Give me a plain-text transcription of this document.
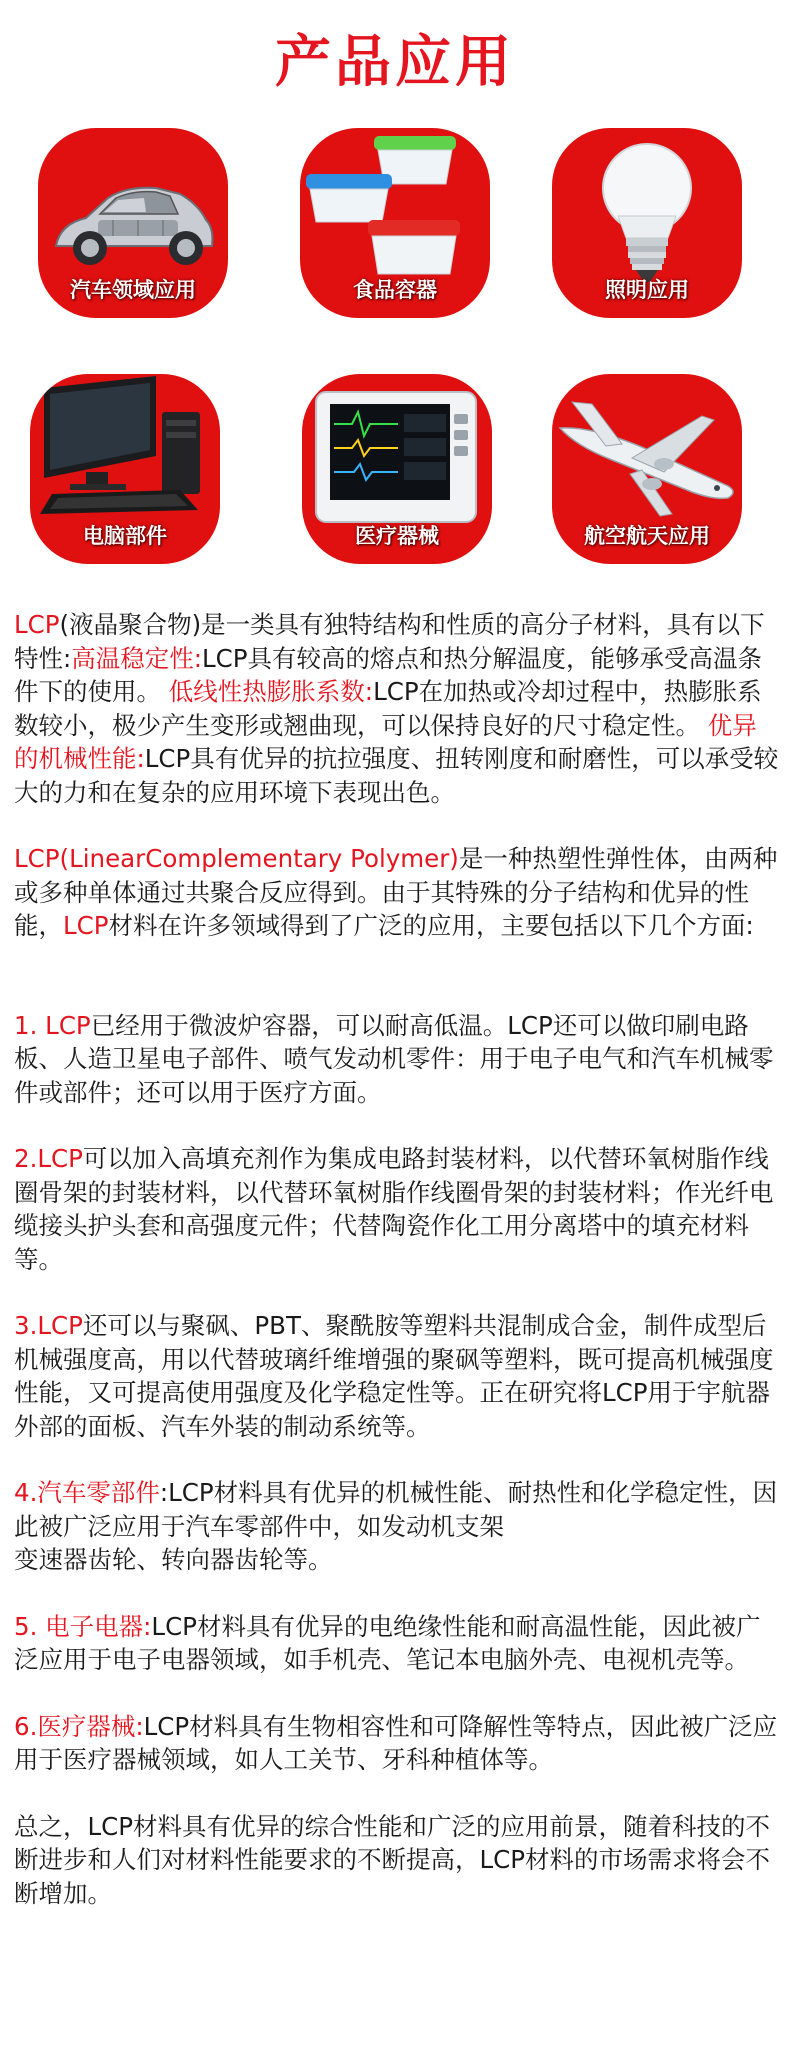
产品应用
汽车领域应用	食品容器	照明应用
电脑部件	医疗器械	航空航天应用

LCP(液晶聚合物)是一类具有独特结构和性质的高分子材料，具有以下特性:高温稳定性:LCP具有较高的熔点和热分解温度，能够承受高温条件下的使用。 低线性热膨胀系数:LCP在加热或冷却过程中，热膨胀系数较小，极少产生变形或翘曲现，可以保持良好的尺寸稳定性。 优异的机械性能:LCP具有优异的抗拉强度、扭转刚度和耐磨性，可以承受较大的力和在复杂的应用环境下表现出色。

LCP(LinearComplementary Polymer)是一种热塑性弹性体，由两种或多种单体通过共聚合反应得到。由于其特殊的分子结构和优异的性能，LCP材料在许多领域得到了广泛的应用，主要包括以下几个方面:

1. LCP已经用于微波炉容器，可以耐高低温。LCP还可以做印刷电路板、人造卫星电子部件、喷气发动机零件：用于电子电气和汽车机械零件或部件；还可以用于医疗方面。

2.LCP可以加入高填充剂作为集成电路封装材料，以代替环氧树脂作线圈骨架的封装材料，以代替环氧树脂作线圈骨架的封装材料；作光纤电缆接头护头套和高强度元件；代替陶瓷作化工用分离塔中的填充材料等。

3.LCP还可以与聚砜、PBT、聚酰胺等塑料共混制成合金，制件成型后机械强度高，用以代替玻璃纤维增强的聚砜等塑料，既可提高机械强度性能，又可提高使用强度及化学稳定性等。正在研究将LCP用于宇航器外部的面板、汽车外装的制动系统等。

4.汽车零部件:LCP材料具有优异的机械性能、耐热性和化学稳定性，因此被广泛应用于汽车零部件中，如发动机支架
变速器齿轮、转向器齿轮等。

5. 电子电器:LCP材料具有优异的电绝缘性能和耐高温性能，因此被广泛应用于电子电器领域，如手机壳、笔记本电脑外壳、电视机壳等。

6.医疗器械:LCP材料具有生物相容性和可降解性等特点，因此被广泛应用于医疗器械领域，如人工关节、牙科种植体等。

总之，LCP材料具有优异的综合性能和广泛的应用前景，随着科技的不断进步和人们对材料性能要求的不断提高，LCP材料的市场需求将会不断增加。
